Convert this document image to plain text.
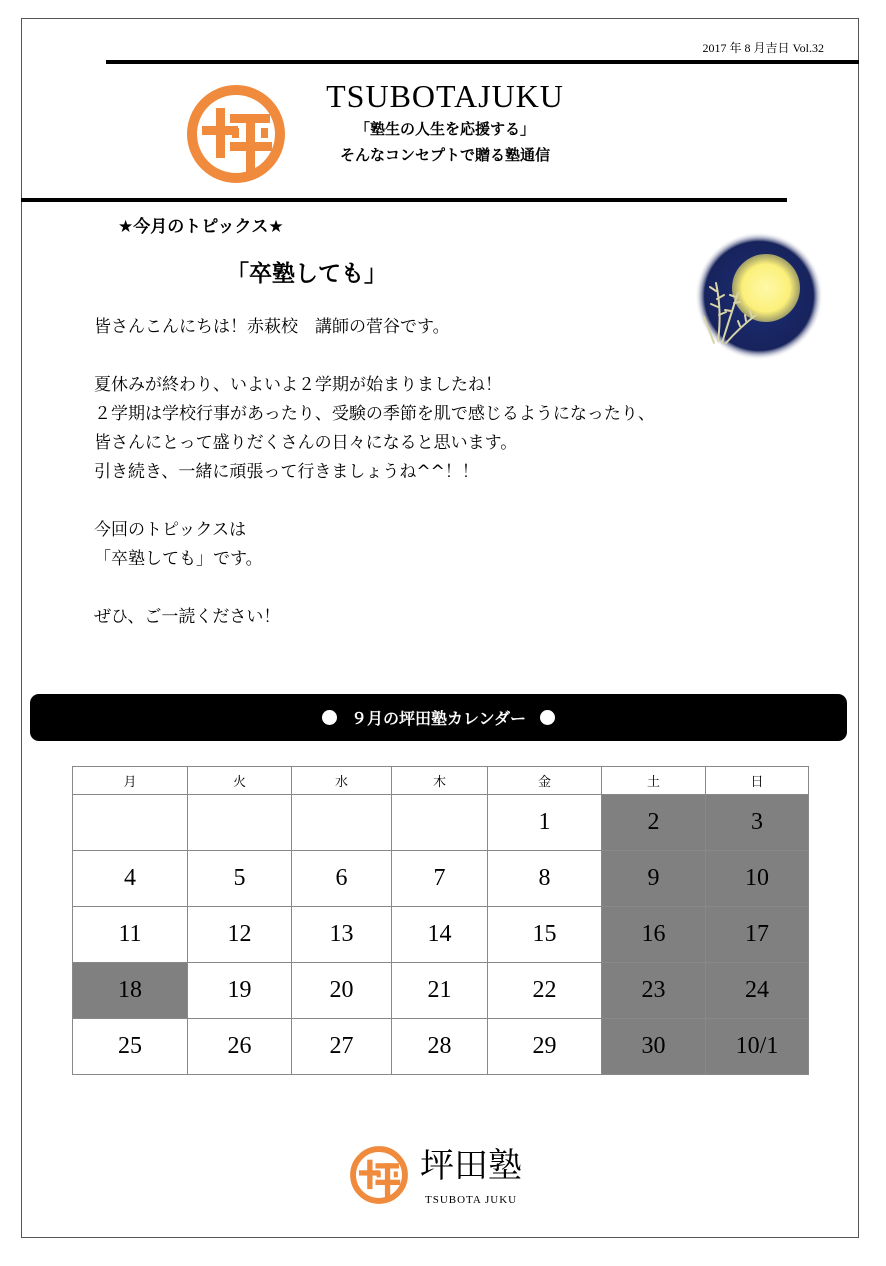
2017 年 8 月吉日 Vol.32
TSUBOTAJUKU
「塾生の人生を応援する」
そんなコンセプトで贈る塾通信
★今月のトピックス★
「卒塾しても」

皆さんこんにちは！赤萩校　講師の菅谷です。

夏休みが終わり、いよいよ２学期が始まりましたね！

２学期は学校行事があったり、受験の季節を肌で感じるようになったり、

皆さんにとって盛りだくさんの日々になると思います。

引き続き、一緒に頑張って行きましょうね^^！！

今回のトピックスは

「卒塾しても」です。

ぜひ、ご一読ください！

９月の坪田塾カレンダー
月	火	水	木	金	土	日
				1	2	3
4	5	6	7	8	9	10
11	12	13	14	15	16	17
18	19	20	21	22	23	24
25	26	27	28	29	30	10/1
坪田塾
TSUBOTA JUKU
